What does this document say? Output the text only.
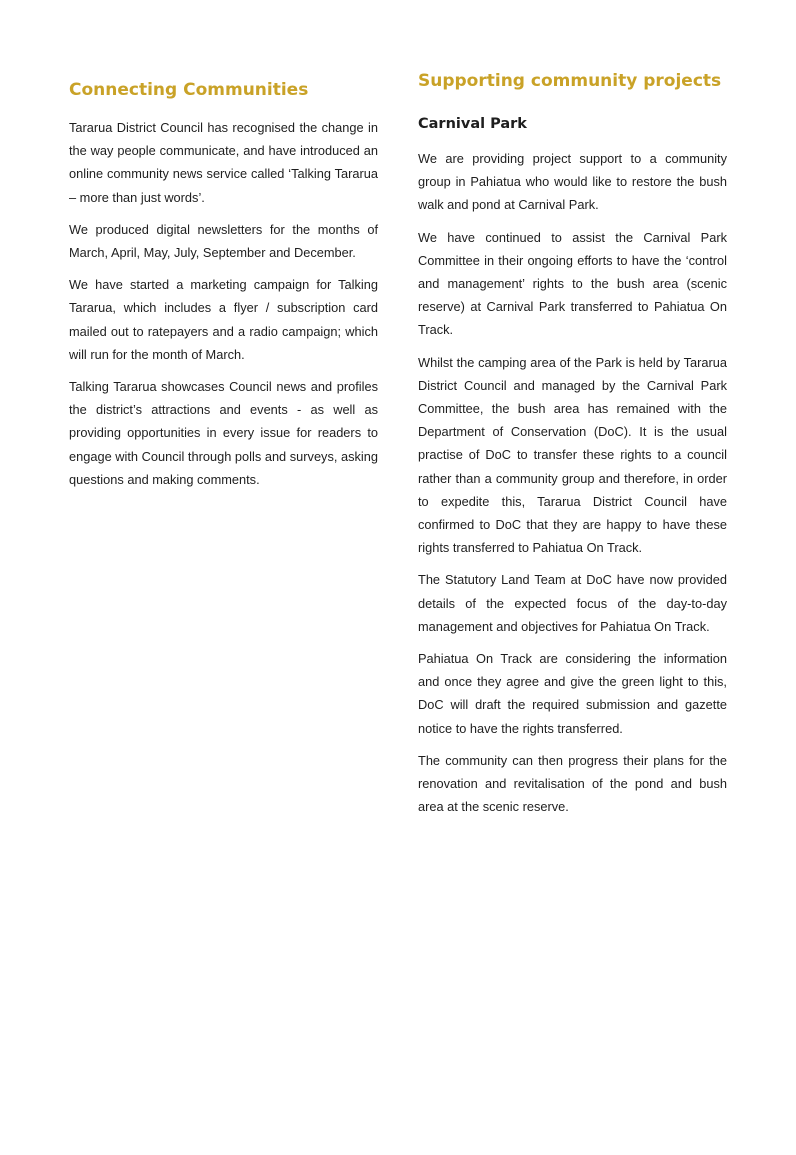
Connecting Communities

Tararua District Council has recognised the change in the way people communicate, and have introduced an online community news service called ‘Talking Tararua – more than just words’.

We produced digital newsletters for the months of March, April, May, July, September and December.

We have started a marketing campaign for Talking Tararua, which includes a flyer / subscription card mailed out to ratepayers and a radio campaign; which will run for the month of March.

Talking Tararua showcases Council news and profiles the district’s attractions and events - as well as providing opportunities in every issue for readers to engage with Council through polls and surveys, asking questions and making comments.

Supporting community projects
Carnival Park

We are providing project support to a community group in Pahiatua who would like to restore the bush walk and pond at Carnival Park.

We have continued to assist the Carnival Park Committee in their ongoing efforts to have the ‘control and management’ rights to the bush area (scenic reserve) at Carnival Park transferred to Pahiatua On Track.

Whilst the camping area of the Park is held by Tararua District Council and managed by the Carnival Park Committee, the bush area has remained with the Department of Conservation (DoC). It is the usual practise of DoC to transfer these rights to a council rather than a community group and therefore, in order to expedite this, Tararua District Council have confirmed to DoC that they are happy to have these rights transferred to Pahiatua On Track.

The Statutory Land Team at DoC have now provided details of the expected focus of the day-to-day management and objectives for Pahiatua On Track.

Pahiatua On Track are considering the information and once they agree and give the green light to this, DoC will draft the required submission and gazette notice to have the rights transferred.

The community can then progress their plans for the renovation and revitalisation of the pond and bush area at the scenic reserve.
